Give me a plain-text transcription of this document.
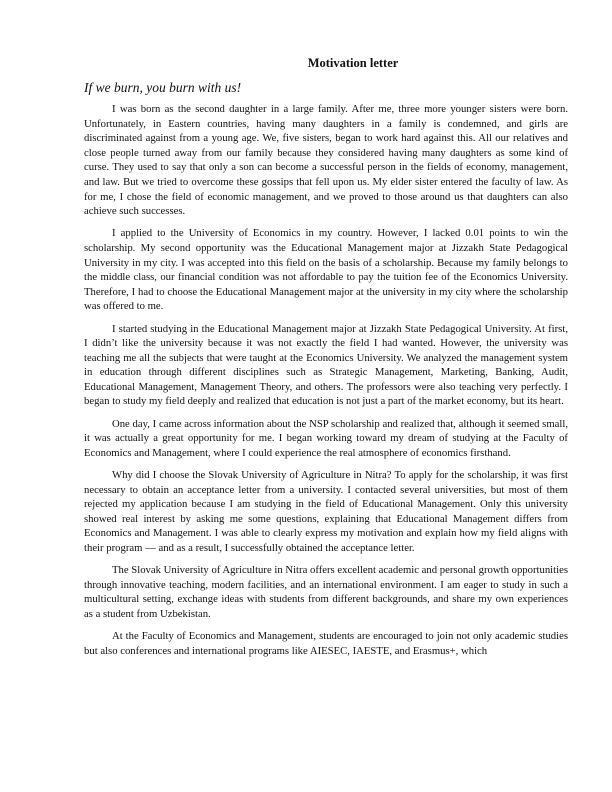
Motivation letter
If we burn, you burn with us!

I was born as the second daughter in a large family. After me, three more younger sisters were born. Unfortunately, in Eastern countries, having many daughters in a family is condemned, and girls are discriminated against from a young age. We, five sisters, began to work hard against this. All our relatives and close people turned away from our family because they considered having many daughters as some kind of curse. They used to say that only a son can become a successful person in the fields of economy, management, and law. But we tried to overcome these gossips that fell upon us. My elder sister entered the faculty of law. As for me, I chose the field of economic management, and we proved to those around us that daughters can also achieve such successes.

I applied to the University of Economics in my country. However, I lacked 0.01 points to win the scholarship. My second opportunity was the Educational Management major at Jizzakh State Pedagogical University in my city. I was accepted into this field on the basis of a scholarship. Because my family belongs to the middle class, our financial condition was not affordable to pay the tuition fee of the Economics University. Therefore, I had to choose the Educational Management major at the university in my city where the scholarship was offered to me.

I started studying in the Educational Management major at Jizzakh State Pedagogical University. At first, I didn’t like the university because it was not exactly the field I had wanted. However, the university was teaching me all the subjects that were taught at the Economics University. We analyzed the management system in education through different disciplines such as Strategic Management, Marketing, Banking, Audit, Educational Management, Management Theory, and others. The professors were also teaching very perfectly. I began to study my field deeply and realized that education is not just a part of the market economy, but its heart.

One day, I came across information about the NSP scholarship and realized that, although it seemed small, it was actually a great opportunity for me. I began working toward my dream of studying at the Faculty of Economics and Management, where I could experience the real atmosphere of economics firsthand.

Why did I choose the Slovak University of Agriculture in Nitra? To apply for the scholarship, it was first necessary to obtain an acceptance letter from a university. I contacted several universities, but most of them rejected my application because I am studying in the field of Educational Management. Only this university showed real interest by asking me some questions, explaining that Educational Management differs from Economics and Management. I was able to clearly express my motivation and explain how my field aligns with their program — and as a result, I successfully obtained the acceptance letter.

The Slovak University of Agriculture in Nitra offers excellent academic and personal growth opportunities through innovative teaching, modern facilities, and an international environment. I am eager to study in such a multicultural setting, exchange ideas with students from different backgrounds, and share my own experiences as a student from Uzbekistan.

At the Faculty of Economics and Management, students are encouraged to join not only academic studies but also conferences and international programs like AIESEC, IAESTE, and Erasmus+, which
